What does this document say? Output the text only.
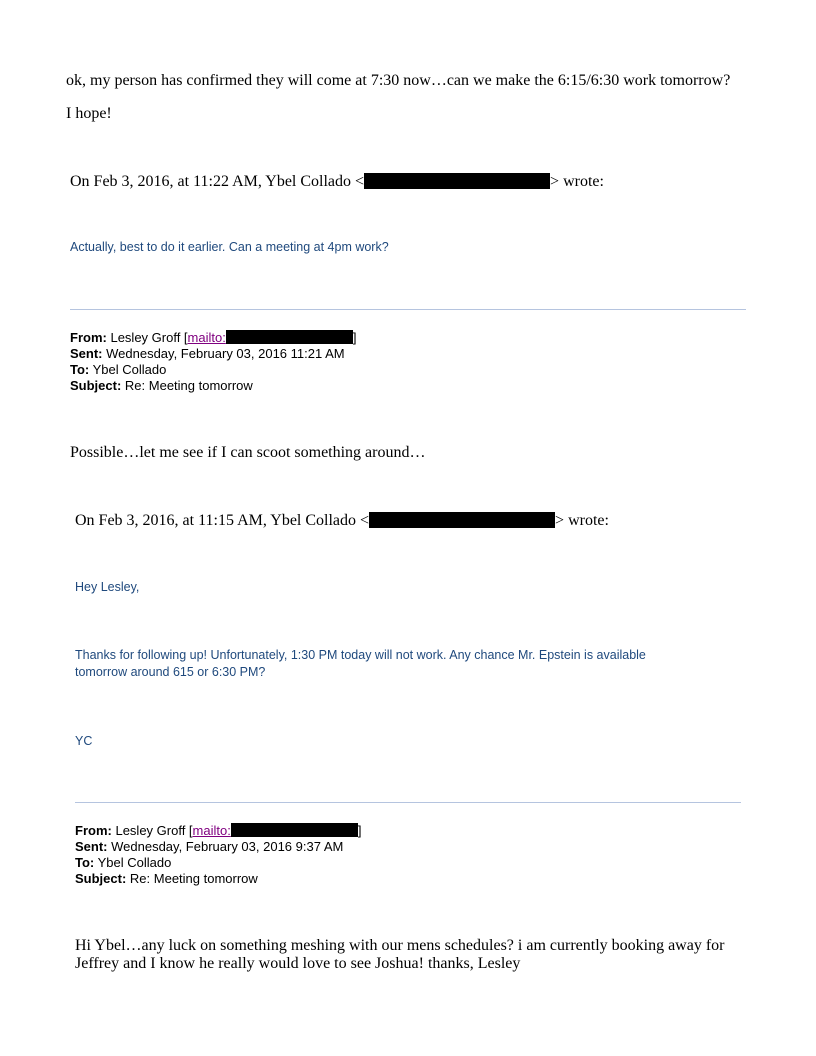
ok, my person has confirmed they will come at 7:30 now…can we make the 6:15/6:30 work tomorrow?
I hope!
On Feb 3, 2016, at 11:22 AM, Ybel Collado <	> wrote:
Actually, best to do it earlier. Can a meeting at 4pm work?
From: Lesley Groff [mailto:	]
Sent: Wednesday, February 03, 2016 11:21 AM
To: Ybel Collado
Subject: Re: Meeting tomorrow
Possible…let me see if I can scoot something around…
On Feb 3, 2016, at 11:15 AM, Ybel Collado <	> wrote:
Hey Lesley,
Thanks for following up! Unfortunately, 1:30 PM today will not work. Any chance Mr. Epstein is available
tomorrow around 615 or 6:30 PM?
YC
From: Lesley Groff [mailto:	]
Sent: Wednesday, February 03, 2016 9:37 AM
To: Ybel Collado
Subject: Re: Meeting tomorrow
Hi Ybel…any luck on something meshing with our mens schedules? i am currently booking away for
Jeffrey and I know he really would love to see Joshua! thanks, Lesley
